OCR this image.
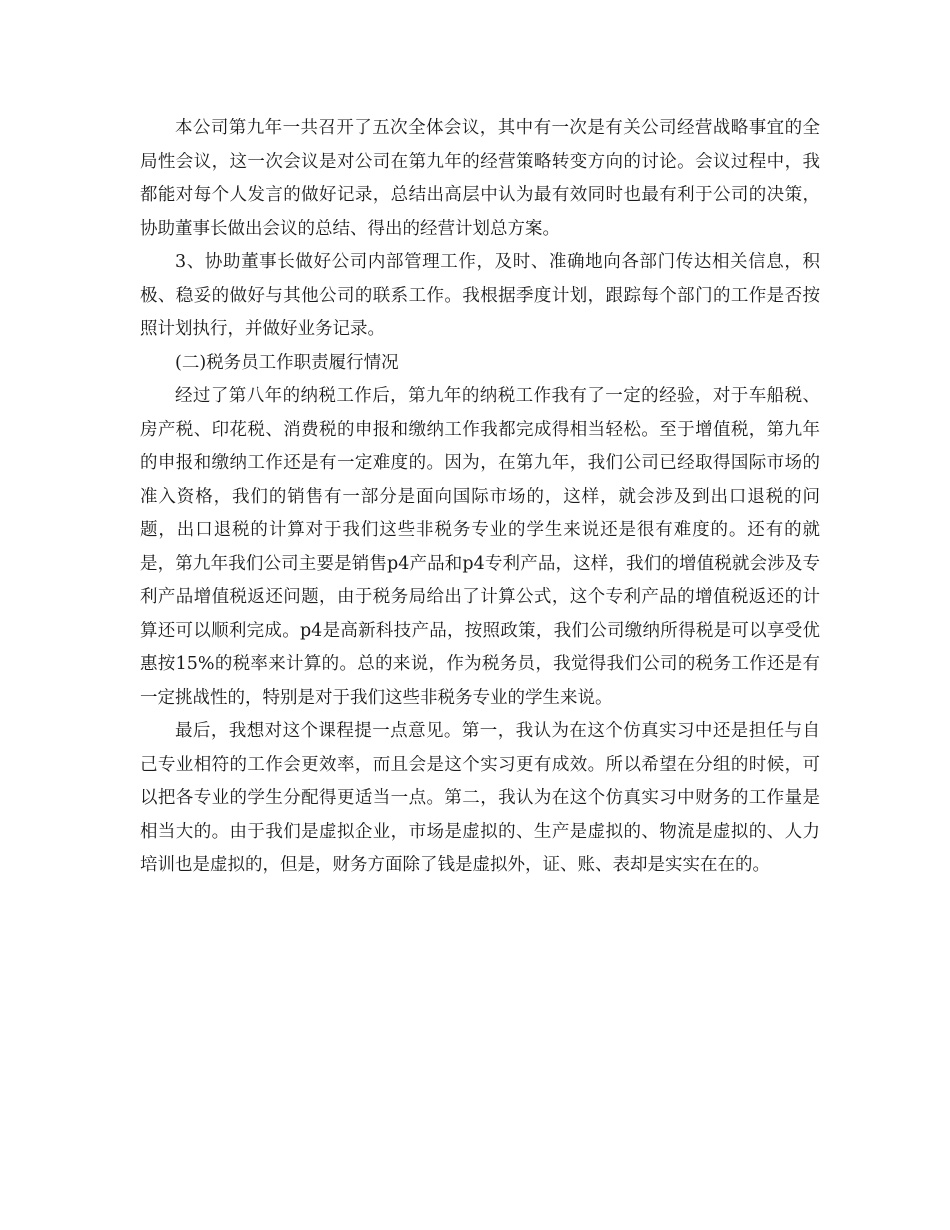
本公司第九年一共召开了五次全体会议，其中有一次是有关公司经营战略事宜的全局性会议，这一次会议是对公司在第九年的经营策略转变方向的讨论。会议过程中，我都能对每个人发言的做好记录，总结出高层中认为最有效同时也最有利于公司的决策，协助董事长做出会议的总结、得出的经营计划总方案。

3、协助董事长做好公司内部管理工作，及时、准确地向各部门传达相关信息，积极、稳妥的做好与其他公司的联系工作。我根据季度计划，跟踪每个部门的工作是否按照计划执行，并做好业务记录。

(二)税务员工作职责履行情况

经过了第八年的纳税工作后，第九年的纳税工作我有了一定的经验，对于车船税、房产税、印花税、消费税的申报和缴纳工作我都完成得相当轻松。至于增值税，第九年的申报和缴纳工作还是有一定难度的。因为，在第九年，我们公司已经取得国际市场的准入资格，我们的销售有一部分是面向国际市场的，这样，就会涉及到出口退税的问题，出口退税的计算对于我们这些非税务专业的学生来说还是很有难度的。还有的就是，第九年我们公司主要是销售p4产品和p4专利产品，这样，我们的增值税就会涉及专利产品增值税返还问题，由于税务局给出了计算公式，这个专利产品的增值税返还的计算还可以顺利完成。p4是高新科技产品，按照政策，我们公司缴纳所得税是可以享受优惠按15%的税率来计算的。总的来说，作为税务员，我觉得我们公司的税务工作还是有一定挑战性的，特别是对于我们这些非税务专业的学生来说。

最后，我想对这个课程提一点意见。第一，我认为在这个仿真实习中还是担任与自己专业相符的工作会更效率，而且会是这个实习更有成效。所以希望在分组的时候，可以把各专业的学生分配得更适当一点。第二，我认为在这个仿真实习中财务的工作量是相当大的。由于我们是虚拟企业，市场是虚拟的、生产是虚拟的、物流是虚拟的、人力培训也是虚拟的，但是，财务方面除了钱是虚拟外，证、账、表却是实实在在的。
